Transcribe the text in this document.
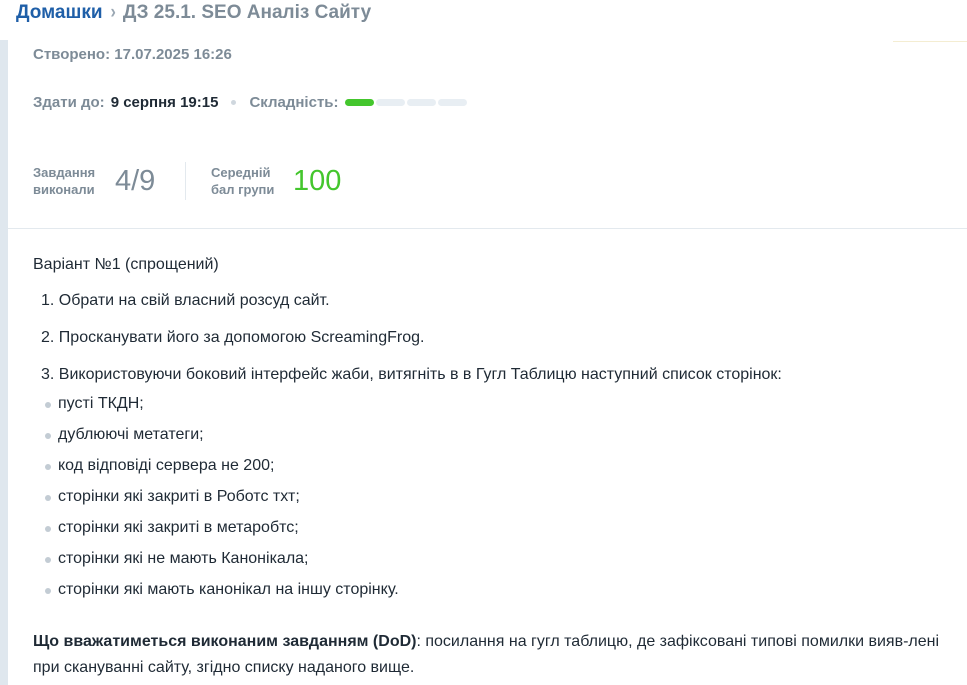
Домашки › ДЗ 25.1. SEO Аналіз Сайту
Створено: 17.07.2025 16:26
Здати до: 9 серпня 19:15 Складність:
Завдання
виконали 4/9	Середній
бал групи 100

Варіант №1 (спрощений)

1. Обрати на свій власний розсуд сайт.
2. Просканувати його за допомогою ScreamingFrog.
3. Використовуючи боковий інтерфейс жаби, витягніть в в Гугл Таблицю наступний список сторінок:
пусті ТКДН;
дублюючі метатеги;
код відповіді сервера не 200;
сторінки які закриті в Роботс тхт;
сторінки які закриті в метаробтс;
сторінки які не мають Канонікала;
сторінки які мають канонікал на іншу сторінку.

Що вважатиметься виконаним завданням (DoD): посилання на гугл таблицю, де зафіксовані типові помилки вияв-лені при скануванні сайту, згідно списку наданого вище.
